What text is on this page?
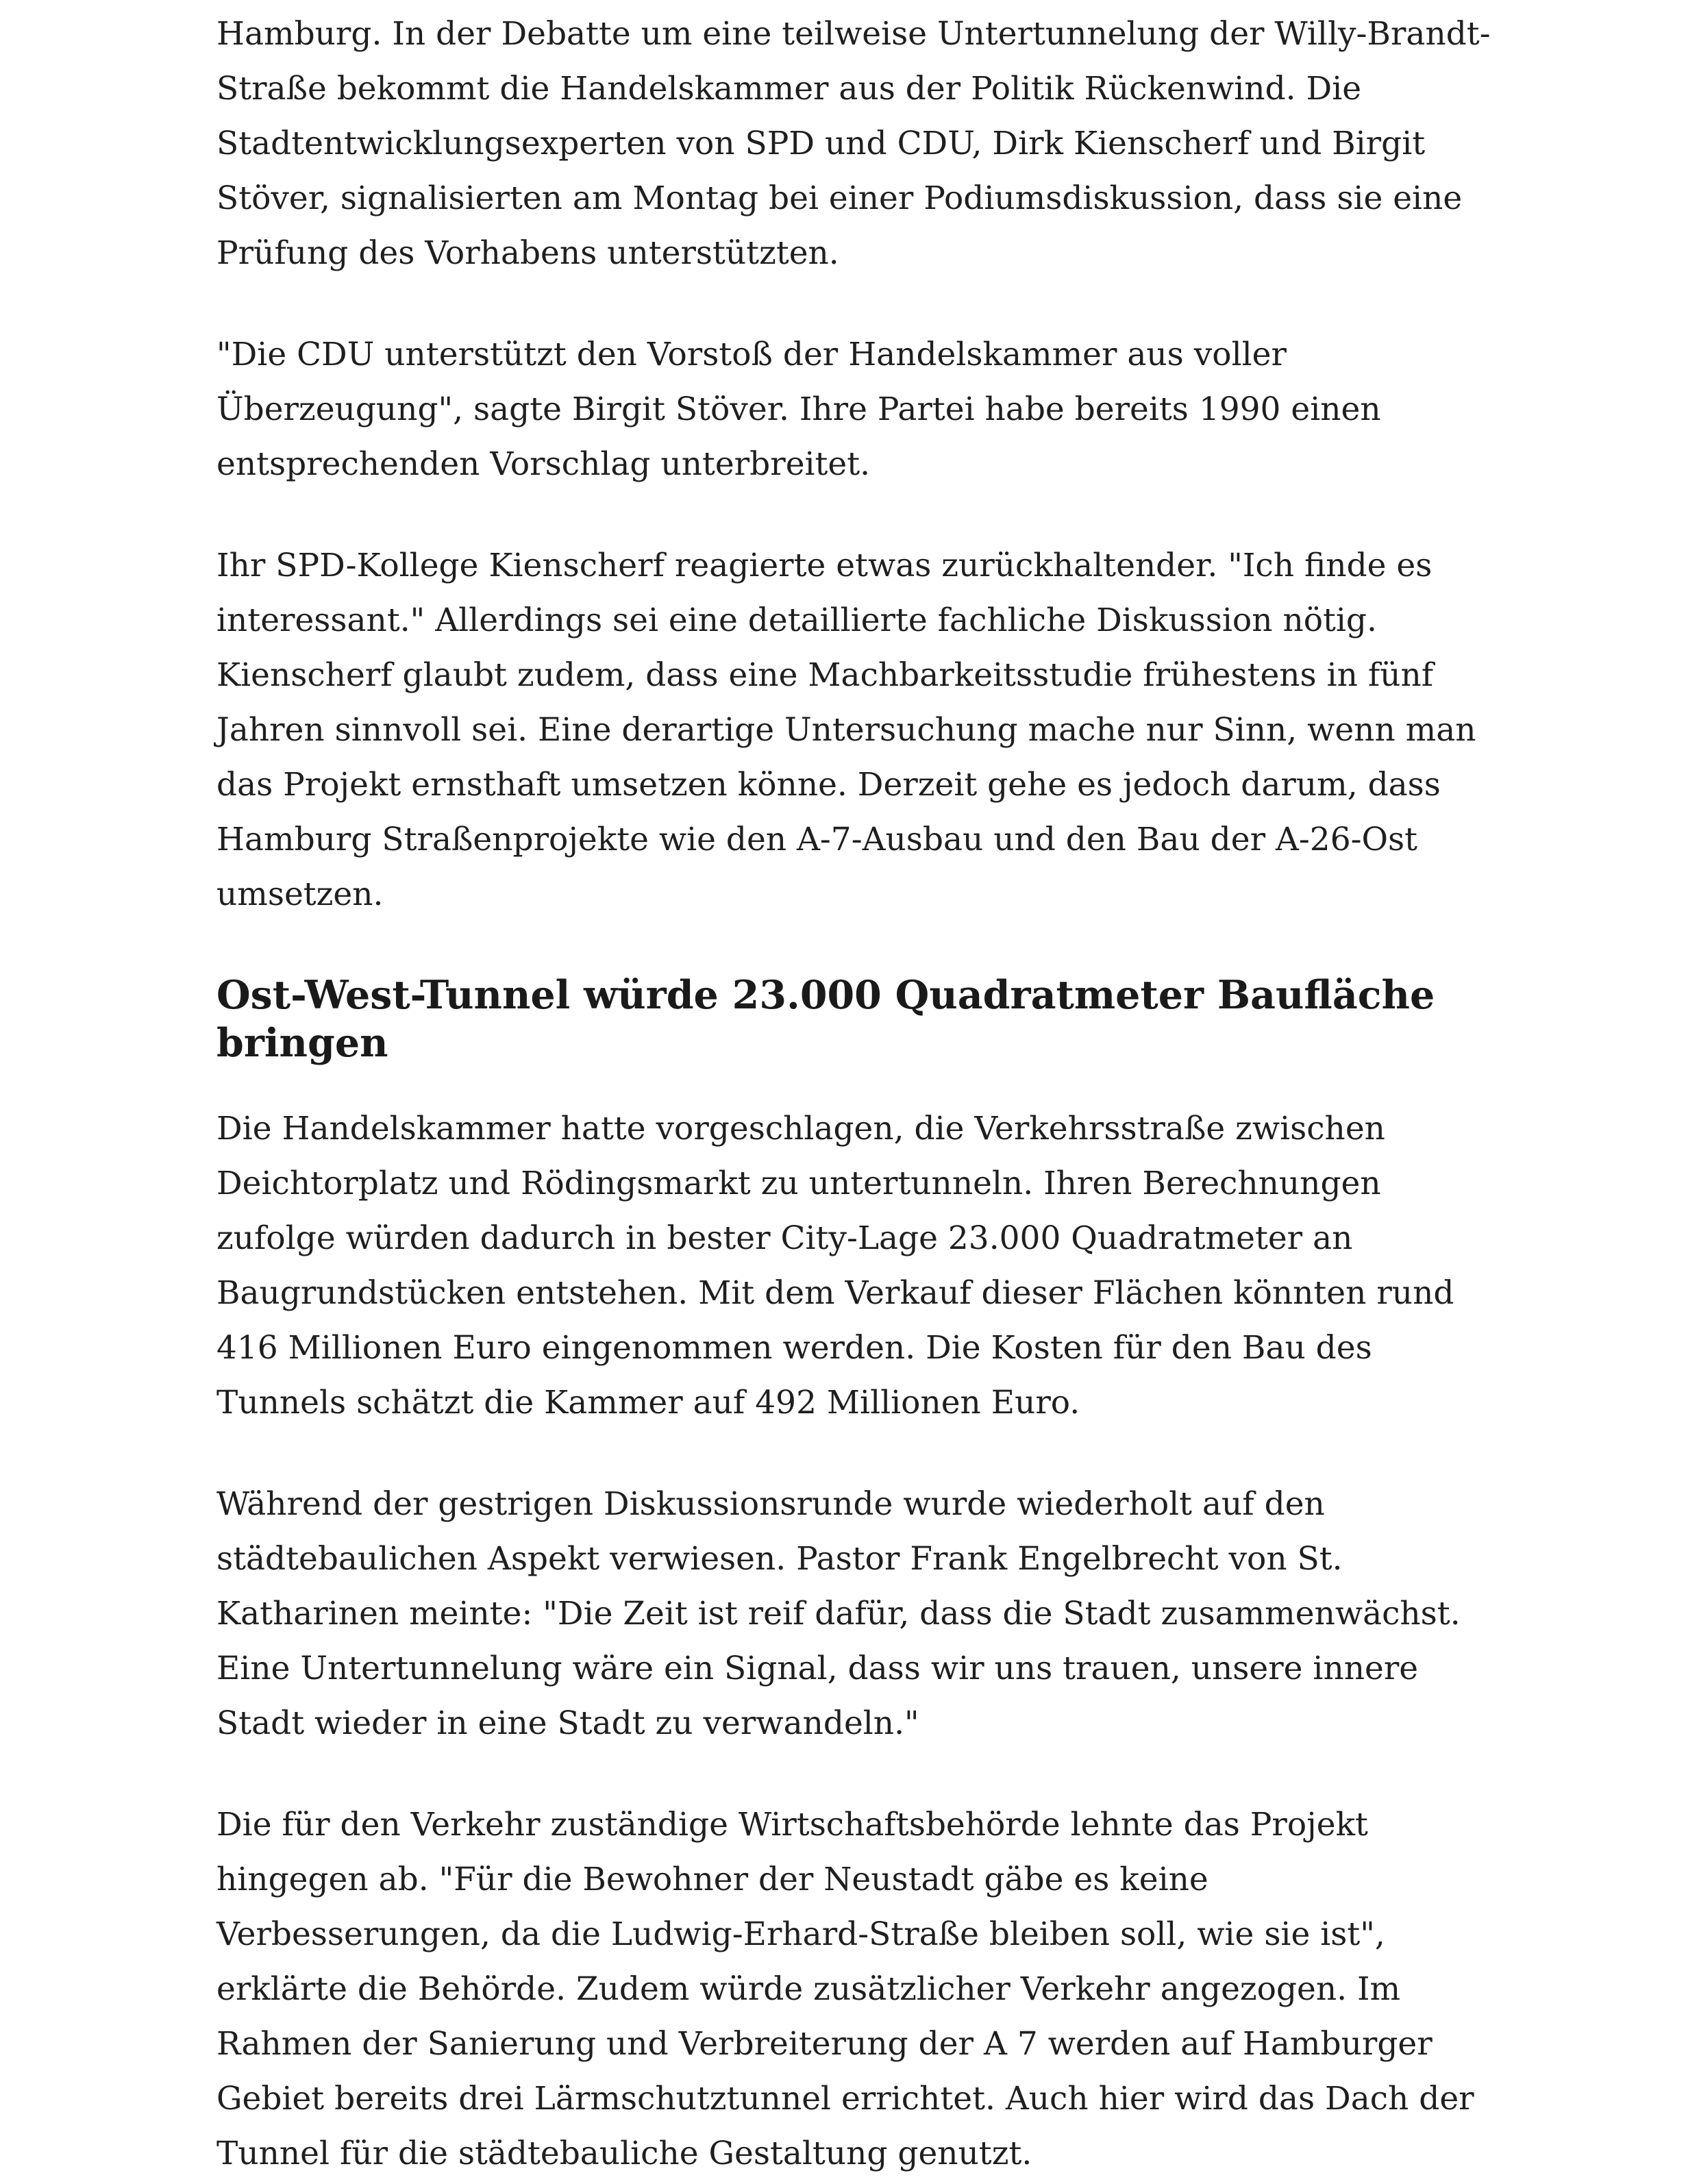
Hamburg. In der Debatte um eine teilweise Untertunnelung der Willy-Brandt-Straße bekommt die Handelskammer aus der Politik Rückenwind. Die Stadtentwicklungsexperten von SPD und CDU, Dirk Kienscherf und Birgit Stöver, signalisierten am Montag bei einer Podiumsdiskussion, dass sie eine Prüfung des Vorhabens unterstützten.

"Die CDU unterstützt den Vorstoß der Handelskammer aus voller Überzeugung", sagte Birgit Stöver. Ihre Partei habe bereits 1990 einen entsprechenden Vorschlag unterbreitet.

Ihr SPD-Kollege Kienscherf reagierte etwas zurückhaltender. "Ich finde es interessant." Allerdings sei eine detaillierte fachliche Diskussion nötig. Kienscherf glaubt zudem, dass eine Machbarkeitsstudie frühestens in fünf Jahren sinnvoll sei. Eine derartige Untersuchung mache nur Sinn, wenn man das Projekt ernsthaft umsetzen könne. Derzeit gehe es jedoch darum, dass Hamburg Straßenprojekte wie den A-7-Ausbau und den Bau der A-26-Ost umsetzen.

Ost-West-Tunnel würde 23.000 Quadratmeter Baufläche bringen

Die Handelskammer hatte vorgeschlagen, die Verkehrsstraße zwischen Deichtorplatz und Rödingsmarkt zu untertunneln. Ihren Berechnungen zufolge würden dadurch in bester City-Lage 23.000 Quadratmeter an Baugrundstücken entstehen. Mit dem Verkauf dieser Flächen könnten rund 416 Millionen Euro eingenommen werden. Die Kosten für den Bau des Tunnels schätzt die Kammer auf 492 Millionen Euro.

Während der gestrigen Diskussionsrunde wurde wiederholt auf den städtebaulichen Aspekt verwiesen. Pastor Frank Engelbrecht von St. Katharinen meinte: "Die Zeit ist reif dafür, dass die Stadt zusammenwächst. Eine Untertunnelung wäre ein Signal, dass wir uns trauen, unsere innere Stadt wieder in eine Stadt zu verwandeln."

Die für den Verkehr zuständige Wirtschaftsbehörde lehnte das Projekt hingegen ab. "Für die Bewohner der Neustadt gäbe es keine Verbesserungen, da die Ludwig-Erhard-Straße bleiben soll, wie sie ist", erklärte die Behörde. Zudem würde zusätzlicher Verkehr angezogen. Im Rahmen der Sanierung und Verbreiterung der A 7 werden auf Hamburger Gebiet bereits drei Lärmschutztunnel errichtet. Auch hier wird das Dach der Tunnel für die städtebauliche Gestaltung genutzt.
